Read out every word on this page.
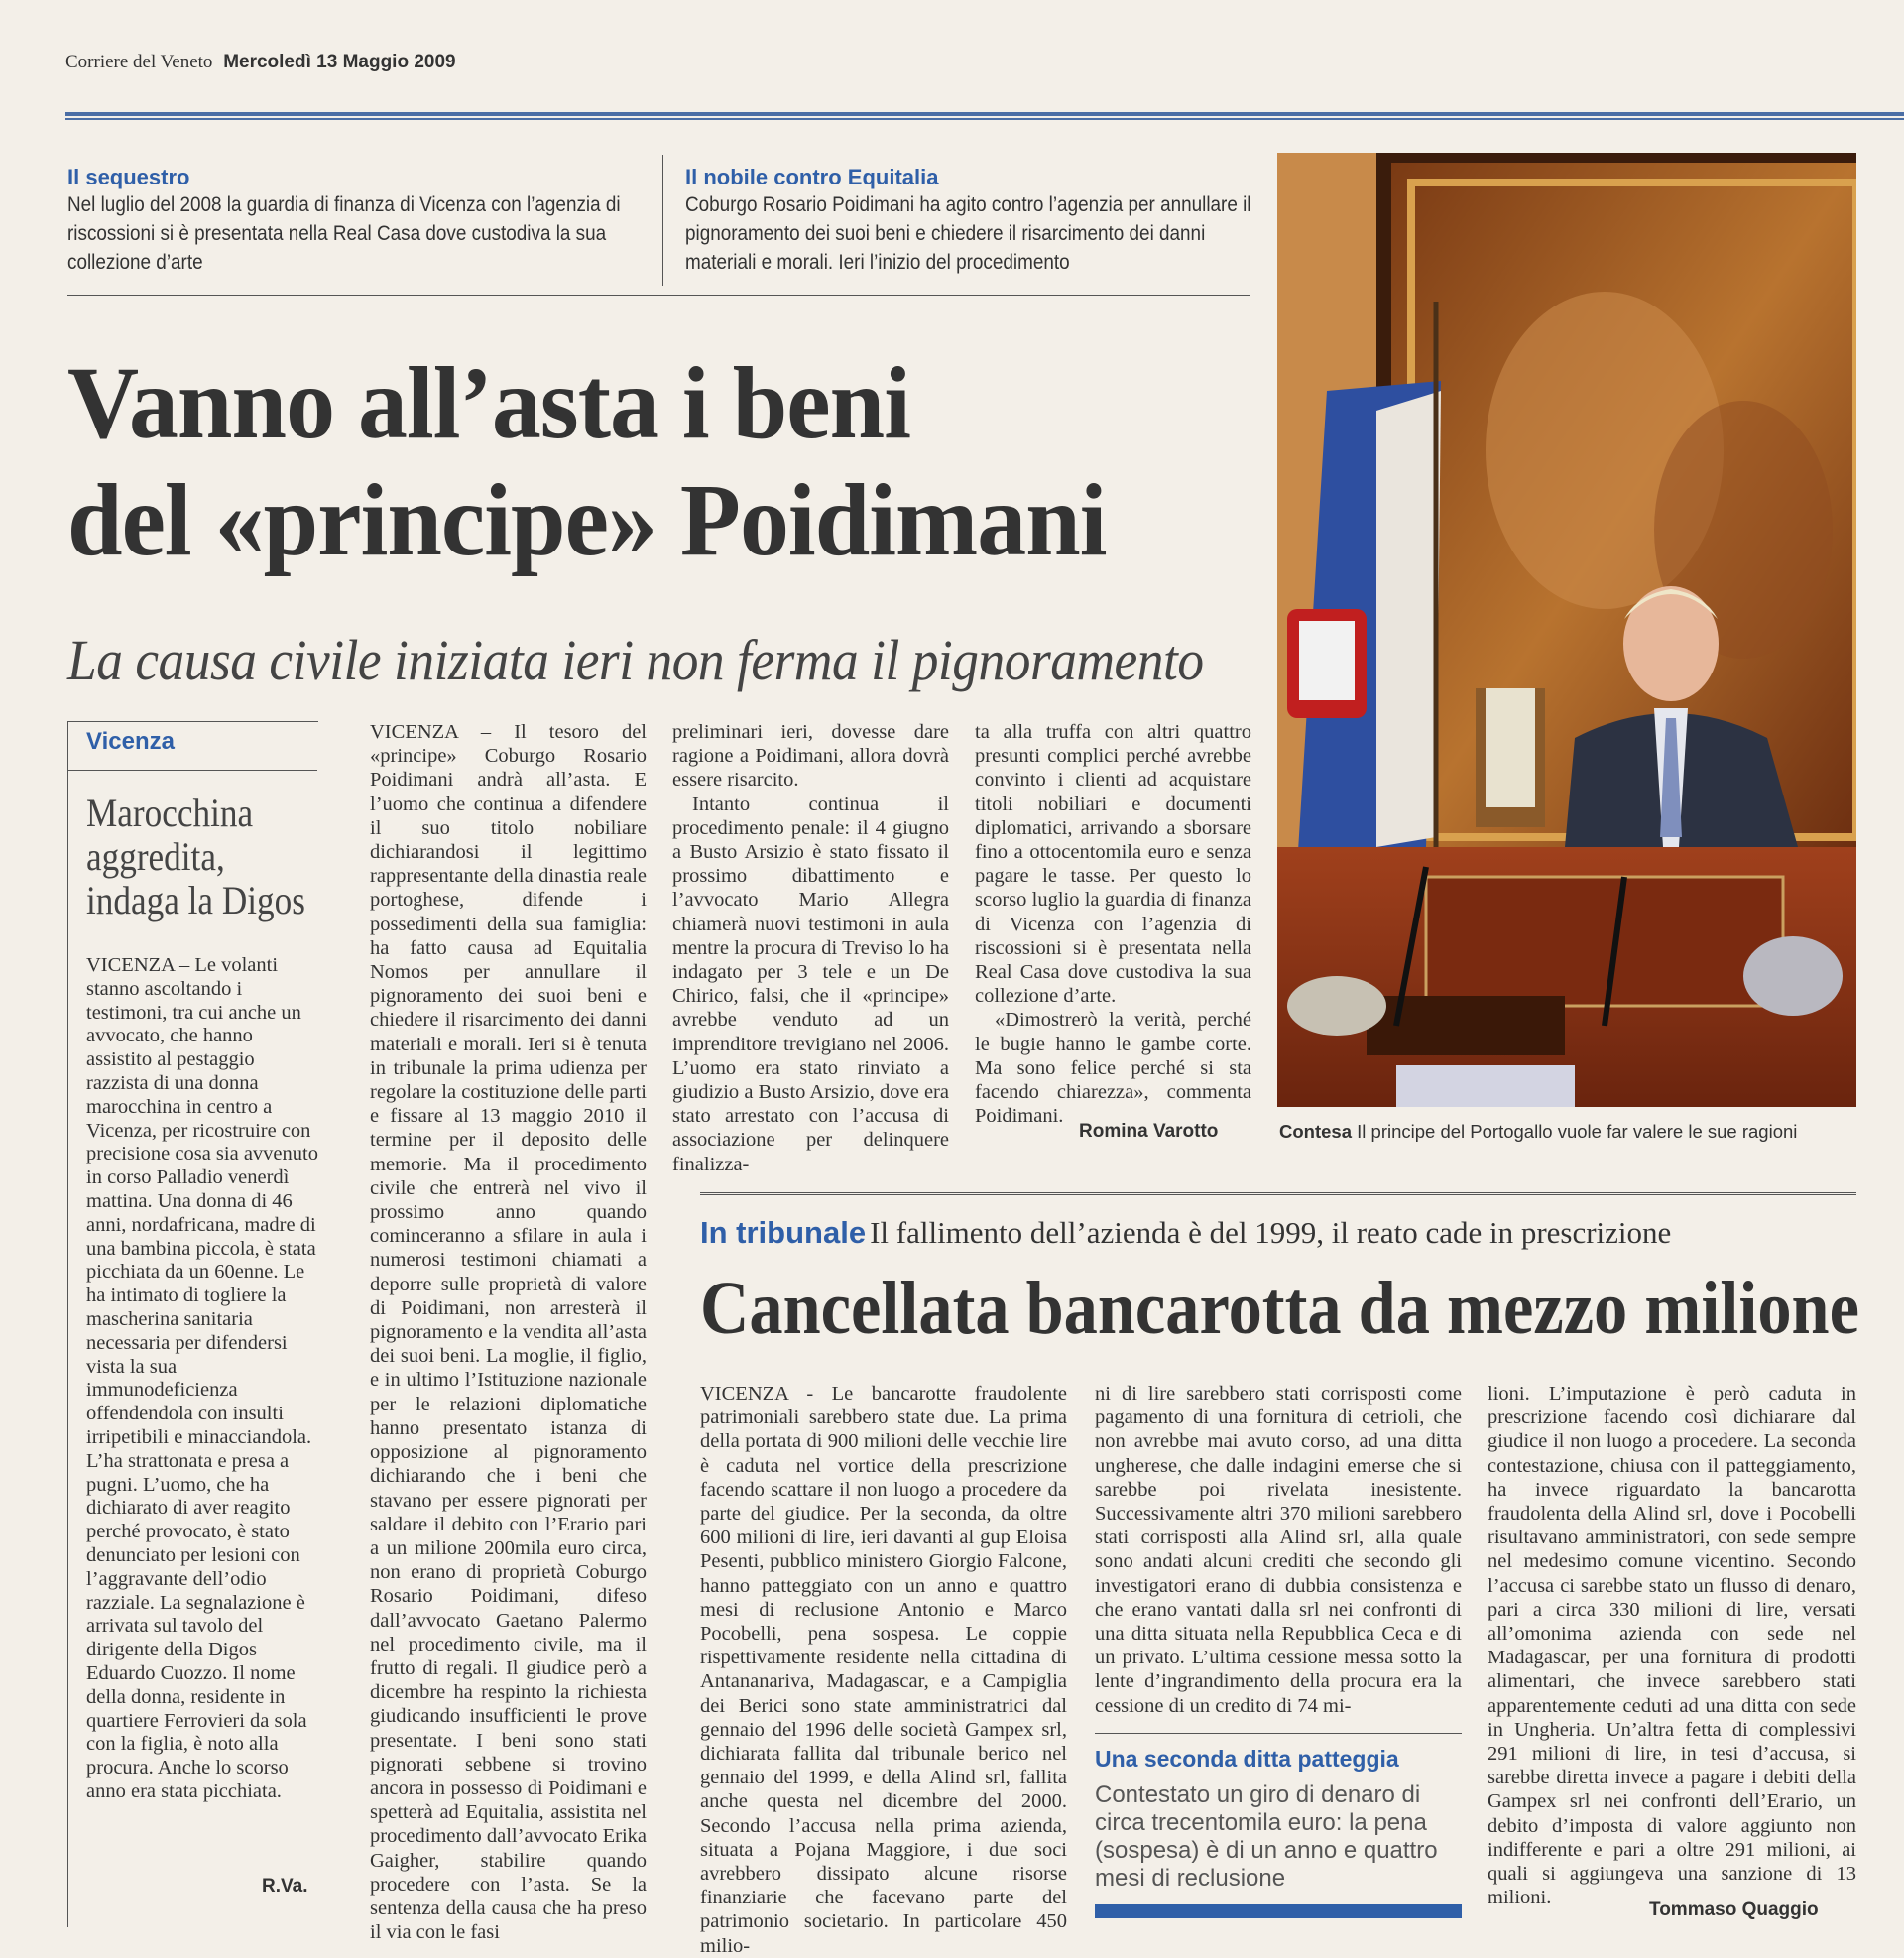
Corriere del Veneto Mercoledì 13 Maggio 2009
Il sequestro
Nel luglio del 2008 la guardia di finanza di Vicenza con l’agenzia di riscossioni si è presentata nella Real Casa dove custodiva la sua collezione d’arte
Il nobile contro Equitalia
Coburgo Rosario Poidimani ha agito contro l’agenzia per annullare il pignoramento dei suoi beni e chiedere il risarcimento dei danni materiali e morali. Ieri l’inizio del procedimento
Vanno all’asta i beni
del «principe» Poidimani
La causa civile iniziata ieri non ferma il pignoramento
Vicenza
Marocchina aggredita, indaga la Digos
VICENZA – Le volanti stanno ascoltando i testimoni, tra cui anche un avvocato, che hanno assistito al pestaggio razzista di una donna marocchina in centro a Vicenza, per ricostruire con precisione cosa sia avvenuto in corso Palladio venerdì mattina. Una donna di 46 anni, nordafricana, madre di una bambina piccola, è stata picchiata da un 60enne. Le ha intimato di togliere la mascherina sanitaria necessaria per difendersi vista la sua immunodeficienza offendendola con insulti irripetibili e minacciandola. L’ha strattonata e presa a pugni. L’uomo, che ha dichiarato di aver reagito perché provocato, è stato denunciato per lesioni con l’aggravante dell’odio razziale. La segnalazione è arrivata sul tavolo del dirigente della Digos Eduardo Cuozzo. Il nome della donna, residente in quartiere Ferrovieri da sola con la figlia, è noto alla procura. Anche lo scorso anno era stata picchiata.
R.Va.

VICENZA – Il tesoro del «principe» Coburgo Rosario Poidimani andrà all’asta. E l’uomo che continua a difendere il suo titolo nobiliare dichiarandosi il legittimo rappresentante della dinastia reale portoghese, difende i possedimenti della sua famiglia: ha fatto causa ad Equitalia Nomos per annullare il pignoramento dei suoi beni e chiedere il risarcimento dei danni materiali e morali. Ieri si è tenuta in tribunale la prima udienza per regolare la costituzione delle parti e fissare al 13 maggio 2010 il termine per il deposito delle memorie. Ma il procedimento civile che entrerà nel vivo il prossimo anno quando cominceranno a sfilare in aula i numerosi testimoni chiamati a deporre sulle proprietà di valore di Poidimani, non arresterà il pignoramento e la vendita all’asta dei suoi beni. La moglie, il figlio, e in ultimo l’Istituzione nazionale per le relazioni diplomatiche hanno presentato istanza di opposizione al pignoramento dichiarando che i beni che stavano per essere pignorati per saldare il debito con l’Erario pari a un milione 200mila euro circa, non erano di proprietà Coburgo Rosario Poidimani, difeso dall’avvocato Gaetano Palermo nel procedimento civile, ma il frutto di regali. Il giudice però a dicembre ha respinto la richiesta giudicando insufficienti le prove presentate. I beni sono stati pignorati sebbene si trovino ancora in possesso di Poidimani e spetterà ad Equitalia, assistita nel procedimento dall’avvocato Erika Gaigher, stabilire quando procedere con l’asta. Se la sentenza della causa che ha preso il via con le fasi

preliminari ieri, dovesse dare ragione a Poidimani, allora dovrà essere risarcito.

Intanto continua il procedimento penale: il 4 giugno a Busto Arsizio è stato fissato il prossimo dibattimento e l’avvocato Mario Allegra chiamerà nuovi testimoni in aula mentre la procura di Treviso lo ha indagato per 3 tele e un De Chirico, falsi, che il «principe» avrebbe venduto ad un imprenditore trevigiano nel 2006. L’uomo era stato rinviato a giudizio a Busto Arsizio, dove era stato arrestato con l’accusa di associazione per delinquere finalizza-

ta alla truffa con altri quattro presunti complici perché avrebbe convinto i clienti ad acquistare titoli nobiliari e documenti diplomatici, arrivando a sborsare fino a ottocentomila euro e senza pagare le tasse. Per questo lo scorso luglio la guardia di finanza di Vicenza con l’agenzia di riscossioni si è presentata nella Real Casa dove custodiva la sua collezione d’arte.

«Dimostrerò la verità, perché le bugie hanno le gambe corte. Ma sono felice perché si sta facendo chiarezza», commenta Poidimani.

Romina Varotto	Contesa Il principe del Portogallo vuole far valere le sue ragioni
In tribunale Il fallimento dell’azienda è del 1999, il reato cade in prescrizione
Cancellata bancarotta da mezzo milione

VICENZA - Le bancarotte fraudolente patrimoniali sarebbero state due. La prima della portata di 900 milioni delle vecchie lire è caduta nel vortice della prescrizione facendo scattare il non luogo a procedere da parte del giudice. Per la seconda, da oltre 600 milioni di lire, ieri davanti al gup Eloisa Pesenti, pubblico ministero Giorgio Falcone, hanno patteggiato con un anno e quattro mesi di reclusione Antonio e Marco Pocobelli, pena sospesa. Le coppie rispettivamente residente nella cittadina di Antananarivа, Madagascar, e a Campiglia dei Berici sono state amministratrici dal gennaio del 1996 delle società Gampex srl, dichiarata fallita dal tribunale berico nel gennaio del 1999, e della Alind srl, fallita anche questa nel dicembre del 2000. Secondo l’accusa nella prima azienda, situata a Pojana Maggiore, i due soci avrebbero dissipato alcune risorse finanziarie che facevano parte del patrimonio societario. In particolare 450 milio-

ni di lire sarebbero stati corrisposti come pagamento di una fornitura di cetrioli, che non avrebbe mai avuto corso, ad una ditta ungherese, che dalle indagini emerse che si sarebbe poi rivelata inesistente. Successivamente altri 370 milioni sarebbero stati corrisposti alla Alind srl, alla quale sono andati alcuni crediti che secondo gli investigatori erano di dubbia consistenza e che erano vantati dalla srl nei confronti di una ditta situata nella Repubblica Ceca e di un privato. L’ultima cessione messa sotto la lente d’ingrandimento della procura era la cessione di un credito di 74 mi-

Una seconda ditta patteggia
Contestato un giro di denaro di circa trecentomila euro: la pena (sospesa) è di un anno e quattro mesi di reclusione

lioni. L’imputazione è però caduta in prescrizione facendo così dichiarare dal giudice il non luogo a procedere. La seconda contestazione, chiusa con il patteggiamento, ha invece riguardato la bancarotta fraudolenta della Alind srl, dove i Pocobelli risultavano amministratori, con sede sempre nel medesimo comune vicentino. Secondo l’accusa ci sarebbe stato un flusso di denaro, pari a circa 330 milioni di lire, versati all’omonima azienda con sede nel Madagascar, per una fornitura di prodotti alimentari, che invece sarebbero stati apparentemente ceduti ad una ditta con sede in Ungheria. Un’altra fetta di complessivi 291 milioni di lire, in tesi d’accusa, si sarebbe diretta invece a pagare i debiti della Gampex srl nei confronti dell’Erario, un debito d’imposta di valore aggiunto non indifferente e pari a oltre 291 milioni, ai quali si aggiungeva una sanzione di 13 milioni.

Tommaso Quaggio
